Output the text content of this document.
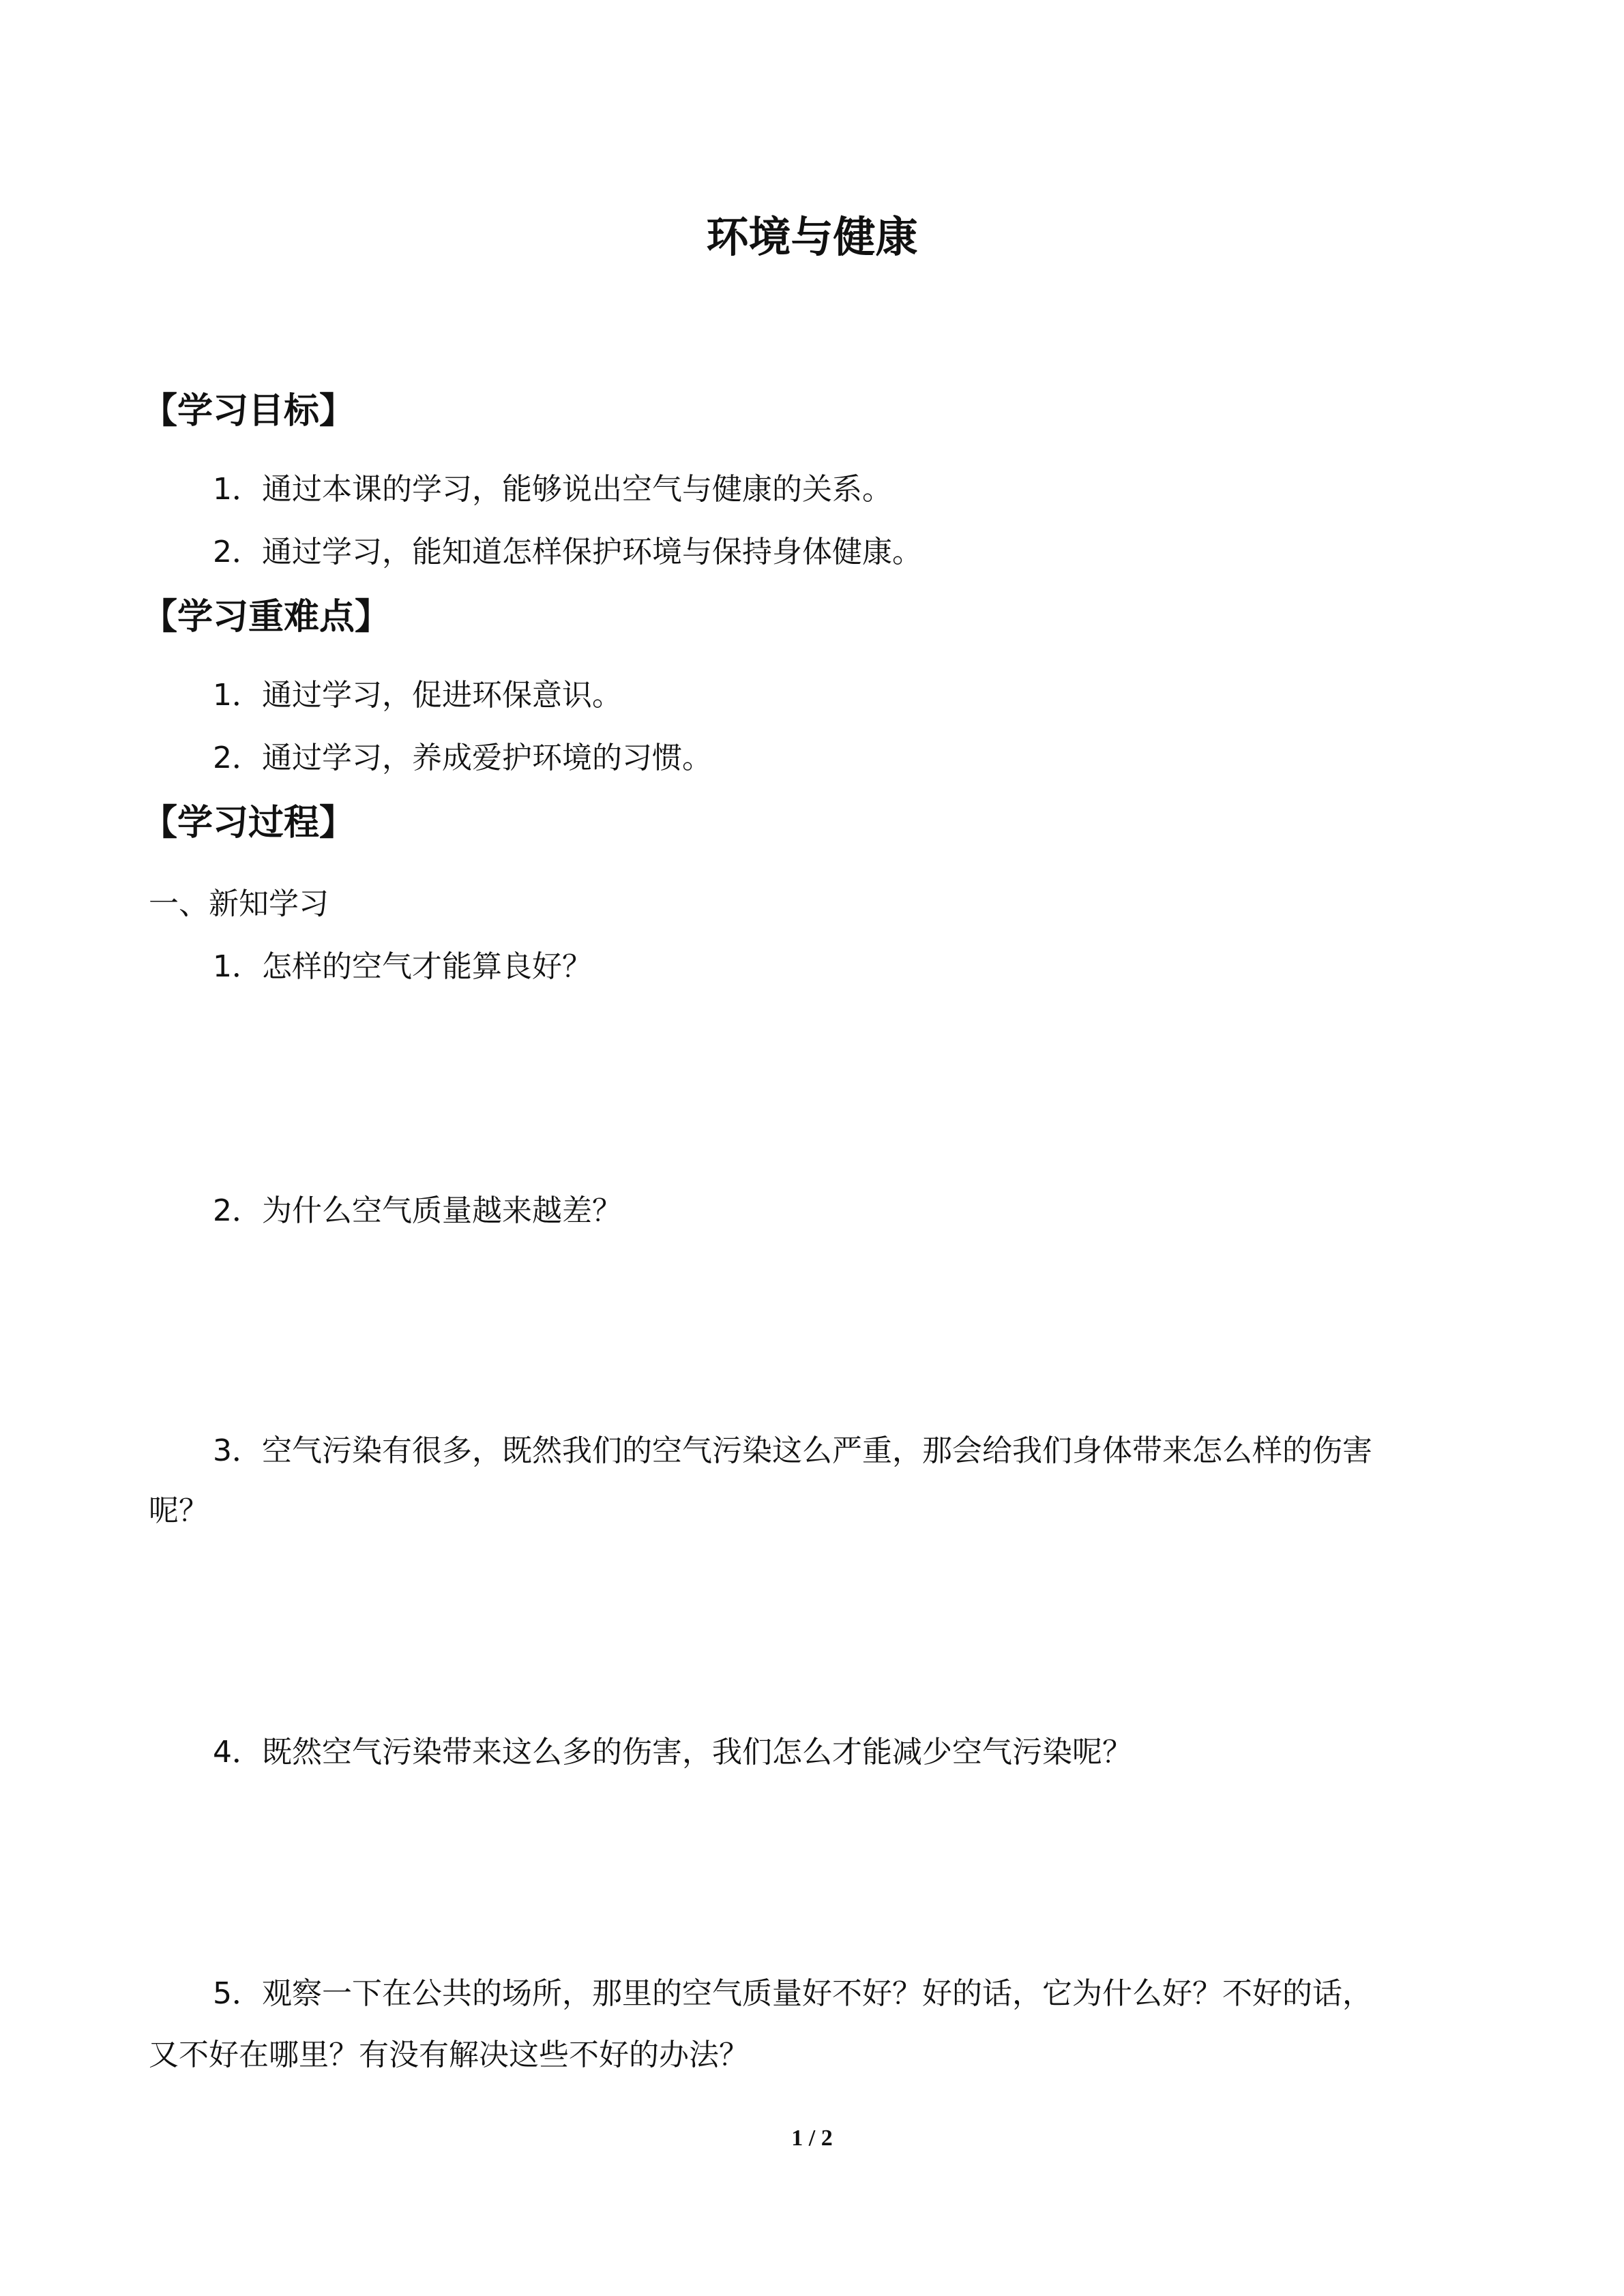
环境与健康
【学习目标】
1．通过本课的学习，能够说出空气与健康的关系。
2．通过学习，能知道怎样保护环境与保持身体健康。
【学习重难点】
1．通过学习，促进环保意识。
2．通过学习，养成爱护环境的习惯。
【学习过程】
一、新知学习
1．怎样的空气才能算良好？
2．为什么空气质量越来越差？
3．空气污染有很多，既然我们的空气污染这么严重，那会给我们身体带来怎么样的伤害
呢？
4．既然空气污染带来这么多的伤害，我们怎么才能减少空气污染呢？
5．观察一下在公共的场所，那里的空气质量好不好？好的话，它为什么好？不好的话，
又不好在哪里？有没有解决这些不好的办法？
1 / 2
